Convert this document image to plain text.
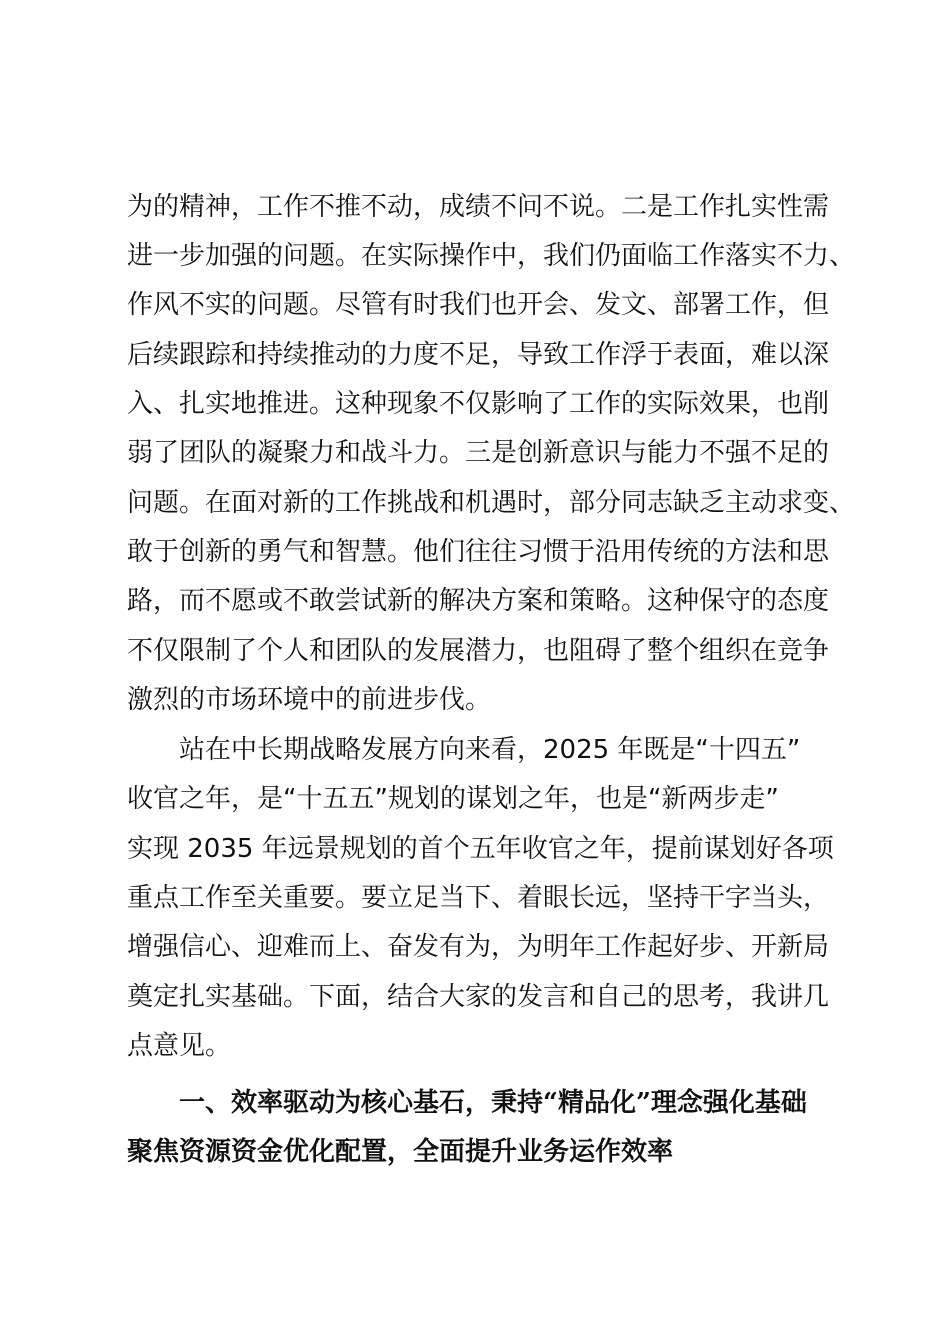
为的精神，工作不推不动，成绩不问不说。二是工作扎实性需
进一步加强的问题。在实际操作中，我们仍面临工作落实不力、
作风不实的问题。尽管有时我们也开会、发文、部署工作，但
后续跟踪和持续推动的力度不足，导致工作浮于表面，难以深
入、扎实地推进。这种现象不仅影响了工作的实际效果，也削
弱了团队的凝聚力和战斗力。三是创新意识与能力不强不足的
问题。在面对新的工作挑战和机遇时，部分同志缺乏主动求变、
敢于创新的勇气和智慧。他们往往习惯于沿用传统的方法和思
路，而不愿或不敢尝试新的解决方案和策略。这种保守的态度
不仅限制了个人和团队的发展潜力，也阻碍了整个组织在竞争
激烈的市场环境中的前进步伐。
站在中长期战略发展方向来看，2025 年既是“十四五”
收官之年，是“十五五”规划的谋划之年，也是“新两步走”
实现 2035 年远景规划的首个五年收官之年，提前谋划好各项
重点工作至关重要。要立足当下、着眼长远，坚持干字当头，
增强信心、迎难而上、奋发有为，为明年工作起好步、开新局
奠定扎实基础。下面，结合大家的发言和自己的思考，我讲几
点意见。
一、效率驱动为核心基石，秉持“精品化”理念强化基础
聚焦资源资金优化配置，全面提升业务运作效率
